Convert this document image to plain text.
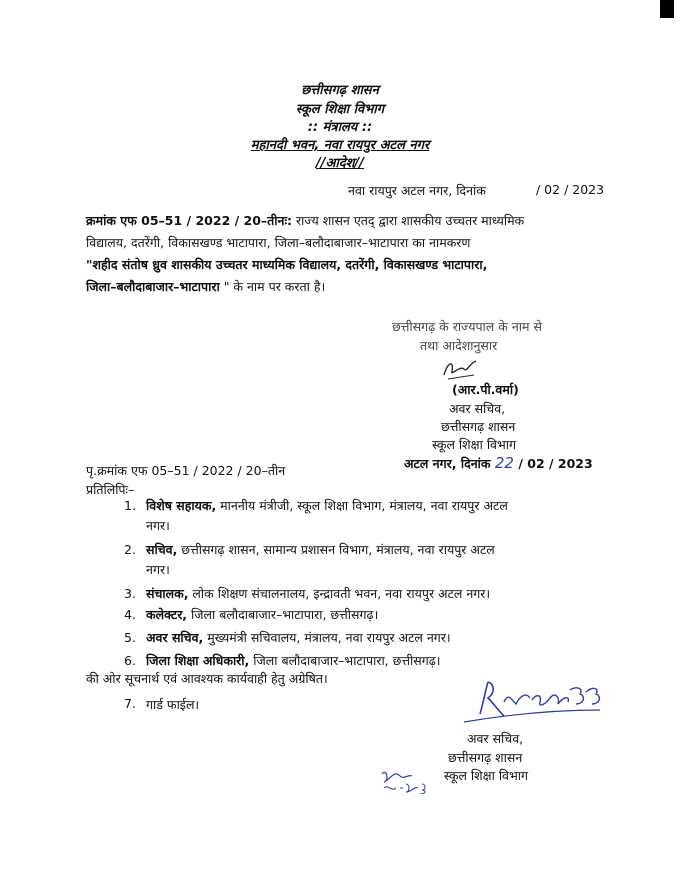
छत्तीसगढ़ शासन
स्कूल शिक्षा विभाग
:: मंत्रालय ::
महानदी भवन, नवा रायपुर अटल नगर
//आदेश//
नवा रायपुर अटल नगर, दिनांक	/ 02 / 2023
क्रमांक एफ 05–51 / 2022 / 20–तीनः: राज्य शासन एतद् द्वारा शासकीय उच्चतर माध्यमिक
विद्यालय, दतरेंगी, विकासखण्ड भाटापारा, जिला–बलौदाबाजार–भाटापारा का नामकरण
"शहीद संतोष ध्रुव शासकीय उच्चतर माध्यमिक विद्यालय, दतरेंगी, विकासखण्ड भाटापारा,
जिला–बलौदाबाजार–भाटापारा " के नाम पर करता है।
छत्तीसगढ़ के राज्यपाल के नाम से
तथा आदेशानुसार
(आर.पी.वर्मा)
अवर सचिव,
छत्तीसगढ़ शासन
स्कूल शिक्षा विभाग
पृ.क्रमांक एफ 05–51 / 2022 / 20–तीन	अटल नगर, दिनांक 22 / 02 / 2023
प्रतिलिपिः–
1. विशेष सहायक, माननीय मंत्रीजी, स्कूल शिक्षा विभाग, मंत्रालय, नवा रायपुर अटल
नगर।
2. सचिव, छत्तीसगढ़ शासन, सामान्य प्रशासन विभाग, मंत्रालय, नवा रायपुर अटल
नगर।
3. संचालक, लोक शिक्षण संचालनालय, इन्द्रावती भवन, नवा रायपुर अटल नगर।
4. कलेक्टर, जिला बलौदाबाजार–भाटापारा, छत्तीसगढ़।
5. अवर सचिव, मुख्यमंत्री सचिवालय, मंत्रालय, नवा रायपुर अटल नगर।
6. जिला शिक्षा अधिकारी, जिला बलौदाबाजार–भाटापारा, छत्तीसगढ़।
की ओर सूचनार्थ एवं आवश्यक कार्यवाही हेतु अग्रेषित।
7. गार्ड फाईल।
अवर सचिव,
छत्तीसगढ़ शासन
स्कूल शिक्षा विभाग
